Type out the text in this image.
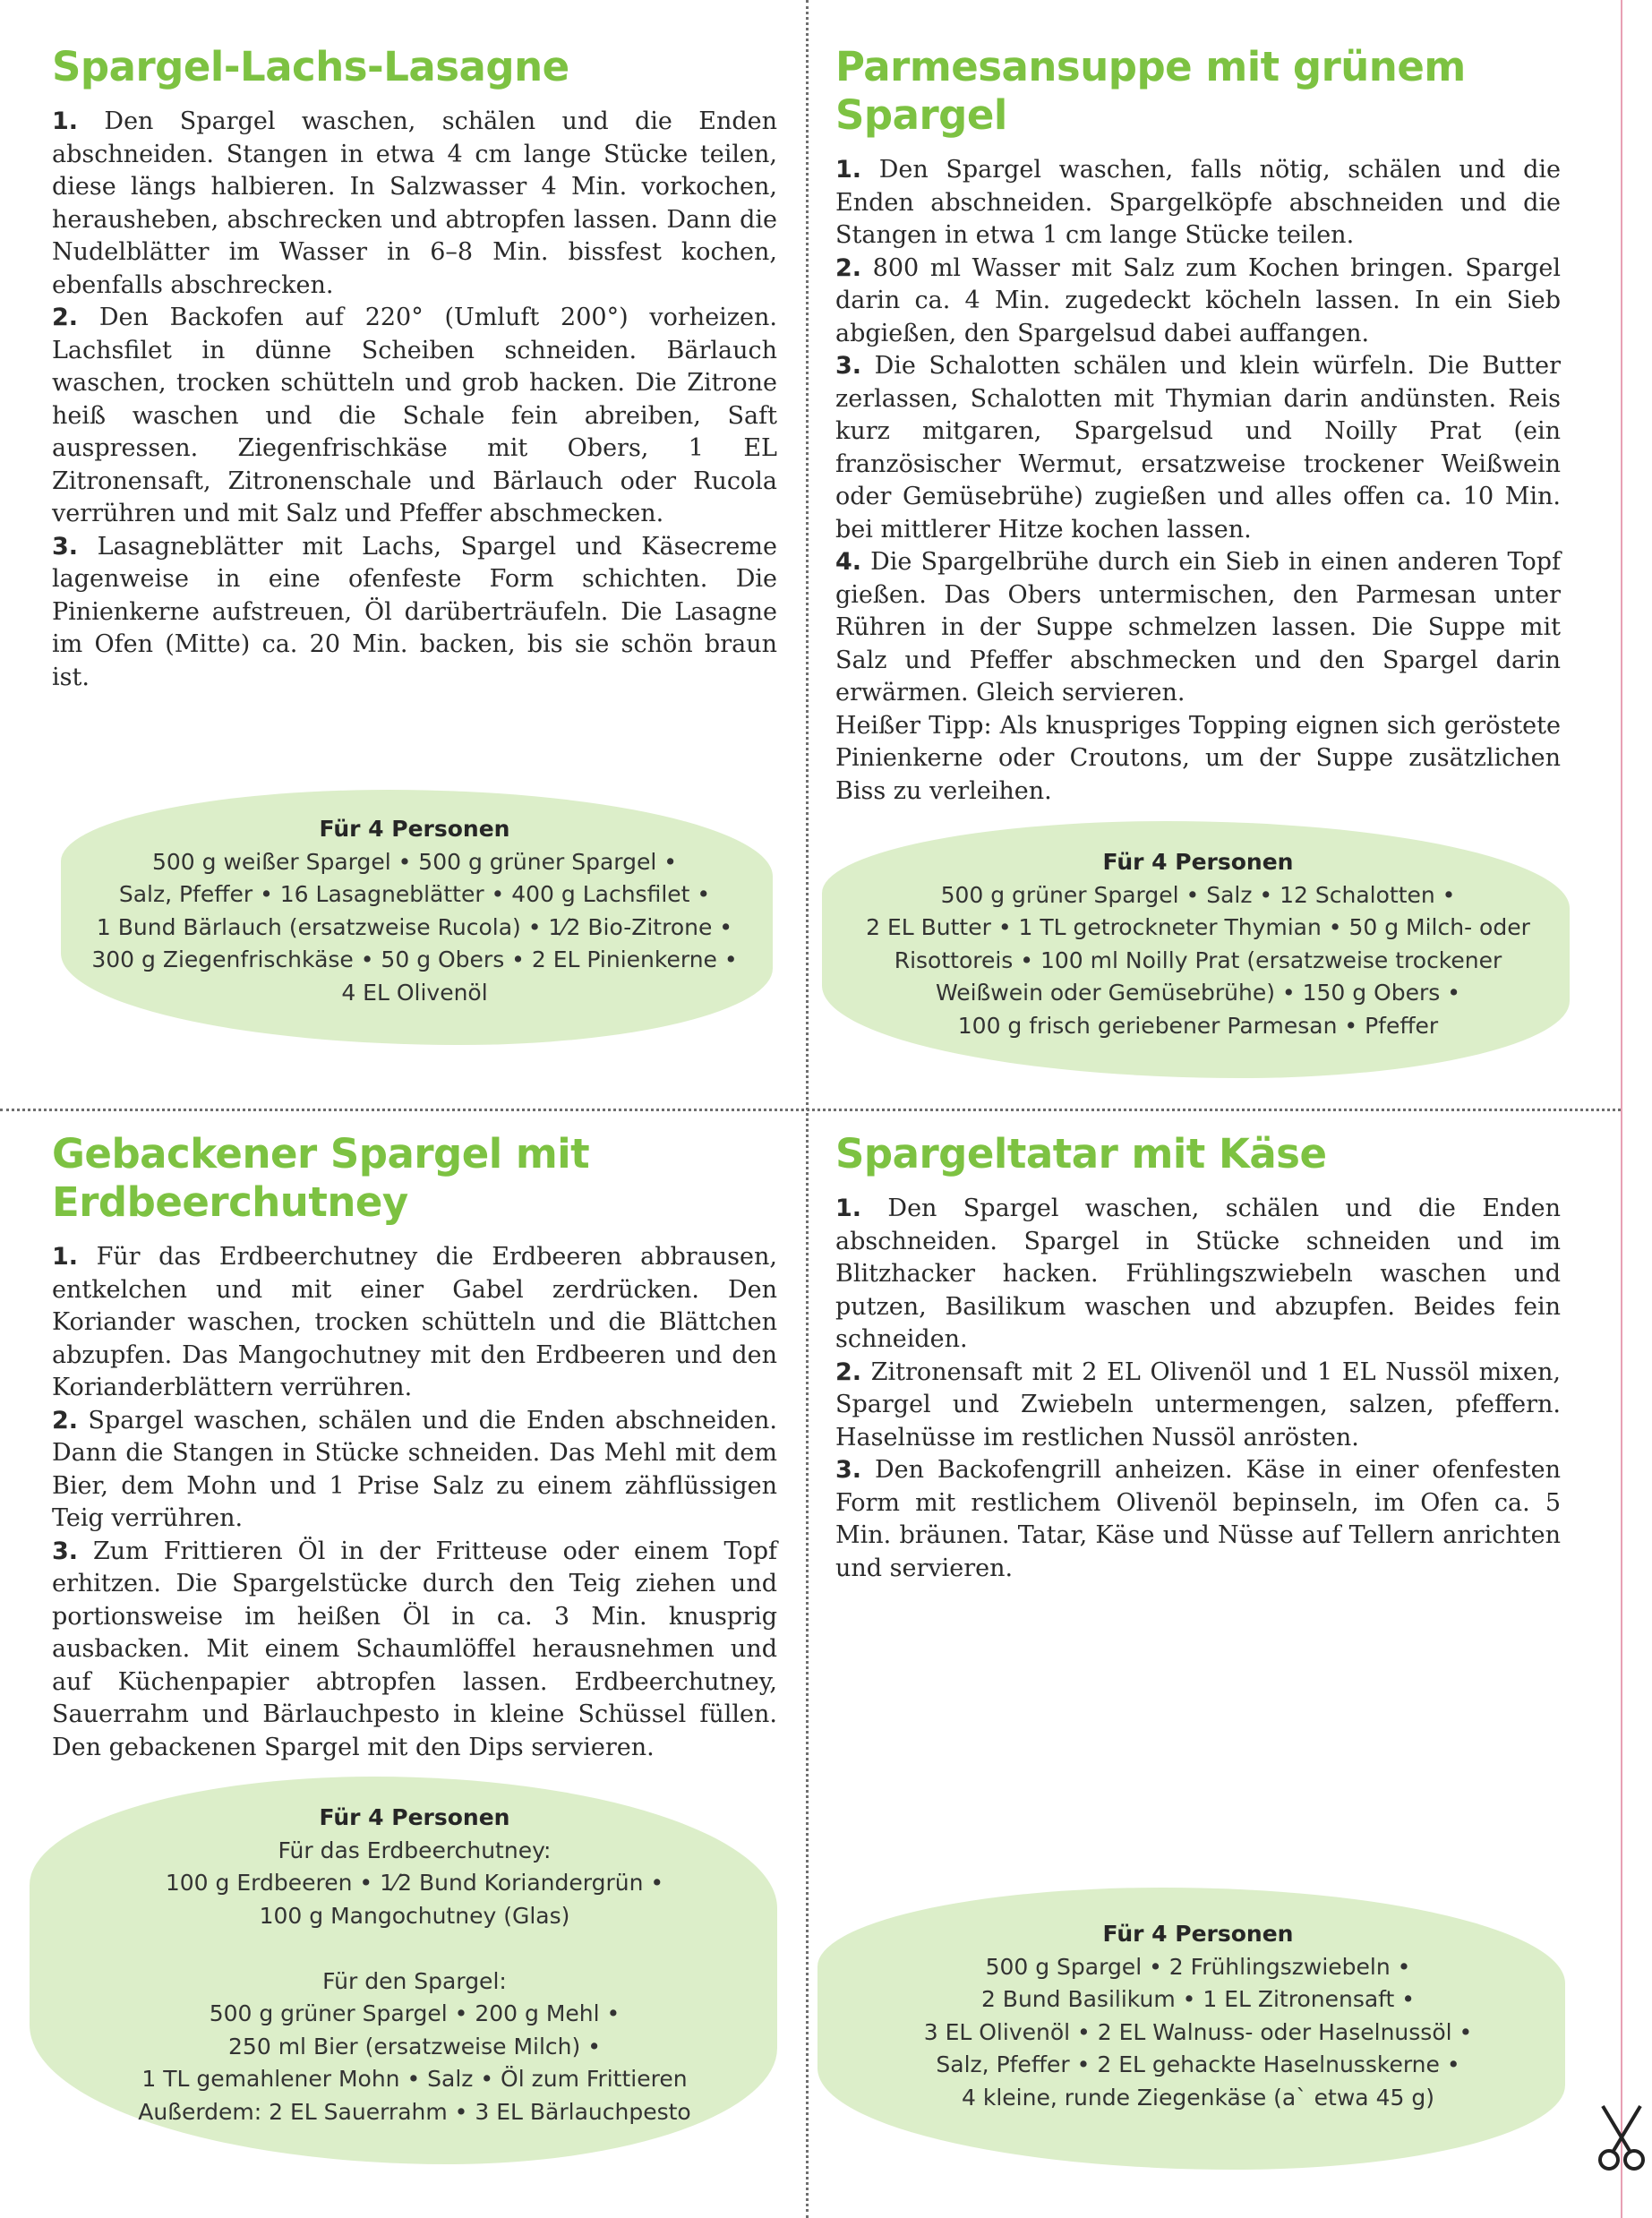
Spargel-Lachs-Lasagne

1. Den Spargel waschen, schälen und die Enden abschneiden. Stangen in etwa 4 cm lange Stücke teilen, diese längs halbieren. In Salzwasser 4 Min. vorkochen, herausheben, abschrecken und abtropfen lassen. Dann die Nudelblätter im Wasser in 6–8 Min. bissfest kochen, ebenfalls abschrecken.

2. Den Backofen auf 220° (Umluft 200°) vorheizen. Lachsfilet in dünne Scheiben schneiden. Bärlauch waschen, trocken schütteln und grob hacken. Die Zitrone heiß waschen und die Schale fein abreiben, Saft auspressen. Ziegenfrischkäse mit Obers, 1 EL Zitronensaft, Zitronenschale und Bärlauch oder Rucola verrühren und mit Salz und Pfeffer abschmecken.

3. Lasagneblätter mit Lachs, Spargel und Käsecreme lagenweise in eine ofenfeste Form schichten. Die Pinienkerne aufstreuen, Öl darüberträufeln. Die Lasagne im Ofen (Mitte) ca. 20 Min. backen, bis sie schön braun ist.

Für 4 Personen
500 g weißer Spargel • 500 g grüner Spargel •
Salz, Pfeffer • 16 Lasagneblätter • 400 g Lachsfilet •
1 Bund Bärlauch (ersatzweise Rucola) • 1⁄2 Bio-Zitrone •
300 g Ziegenfrischkäse • 50 g Obers • 2 EL Pinienkerne •
4 EL Olivenöl
Parmesansuppe mit grünem Spargel

1. Den Spargel waschen, falls nötig, schälen und die Enden abschneiden. Spargelköpfe abschneiden und die Stangen in etwa 1 cm lange Stücke teilen.

2. 800 ml Wasser mit Salz zum Kochen bringen. Spargel darin ca. 4 Min. zugedeckt köcheln lassen. In ein Sieb abgießen, den Spargelsud dabei auffangen.

3. Die Schalotten schälen und klein würfeln. Die Butter zerlassen, Schalotten mit Thymian darin andünsten. Reis kurz mitgaren, Spargelsud und Noilly Prat (ein französischer Wermut, ersatzweise trockener Weißwein oder Gemüsebrühe) zugießen und alles offen ca. 10 Min. bei mittlerer Hitze kochen lassen.

4. Die Spargelbrühe durch ein Sieb in einen anderen Topf gießen. Das Obers untermischen, den Parmesan unter Rühren in der Suppe schmelzen lassen. Die Suppe mit Salz und Pfeffer abschmecken und den Spargel darin erwärmen. Gleich servieren.

Heißer Tipp: Als knuspriges Topping eignen sich geröstete Pinienkerne oder Croutons, um der Suppe zusätzlichen Biss zu verleihen.

Für 4 Personen
500 g grüner Spargel • Salz • 12 Schalotten •
2 EL Butter • 1 TL getrockneter Thymian • 50 g Milch- oder
Risottoreis • 100 ml Noilly Prat (ersatzweise trockener
Weißwein oder Gemüsebrühe) • 150 g Obers •
100 g frisch geriebener Parmesan • Pfeffer
Gebackener Spargel mit Erdbeerchutney

1. Für das Erdbeerchutney die Erdbeeren abbrausen, entkelchen und mit einer Gabel zerdrücken. Den Koriander waschen, trocken schütteln und die Blättchen abzupfen. Das Mangochutney mit den Erdbeeren und den Korianderblättern verrühren.

2. Spargel waschen, schälen und die Enden abschneiden. Dann die Stangen in Stücke schneiden. Das Mehl mit dem Bier, dem Mohn und 1 Prise Salz zu einem zähflüssigen Teig verrühren.

3. Zum Frittieren Öl in der Fritteuse oder einem Topf erhitzen. Die Spargelstücke durch den Teig ziehen und portionsweise im heißen Öl in ca. 3 Min. knusprig ausbacken. Mit einem Schaumlöffel herausnehmen und auf Küchenpapier abtropfen lassen. Erdbeerchutney, Sauerrahm und Bärlauchpesto in kleine Schüssel füllen. Den gebackenen Spargel mit den Dips servieren.

Für 4 Personen
Für das Erdbeerchutney:
100 g Erdbeeren • 1⁄2 Bund Koriandergrün •
100 g Mangochutney (Glas)
Für den Spargel:
500 g grüner Spargel • 200 g Mehl •
250 ml Bier (ersatzweise Milch) •
1 TL gemahlener Mohn • Salz • Öl zum Frittieren
Außerdem: 2 EL Sauerrahm • 3 EL Bärlauchpesto
Spargeltatar mit Käse

1. Den Spargel waschen, schälen und die Enden abschneiden. Spargel in Stücke schneiden und im Blitzhacker hacken. Frühlingszwiebeln waschen und putzen, Basilikum waschen und abzupfen. Beides fein schneiden.

2. Zitronensaft mit 2 EL Olivenöl und 1 EL Nussöl mixen, Spargel und Zwiebeln untermengen, salzen, pfeffern. Haselnüsse im restlichen Nussöl anrösten.

3. Den Backofengrill anheizen. Käse in einer ofenfesten Form mit restlichem Olivenöl bepinseln, im Ofen ca. 5 Min. bräunen. Tatar, Käse und Nüsse auf Tellern anrichten und servieren.

Für 4 Personen
500 g Spargel • 2 Frühlingszwiebeln •
2 Bund Basilikum • 1 EL Zitronensaft •
3 EL Olivenöl • 2 EL Walnuss- oder Haselnussöl •
Salz, Pfeffer • 2 EL gehackte Haselnusskerne •
4 kleine, runde Ziegenkäse (a` etwa 45 g)
